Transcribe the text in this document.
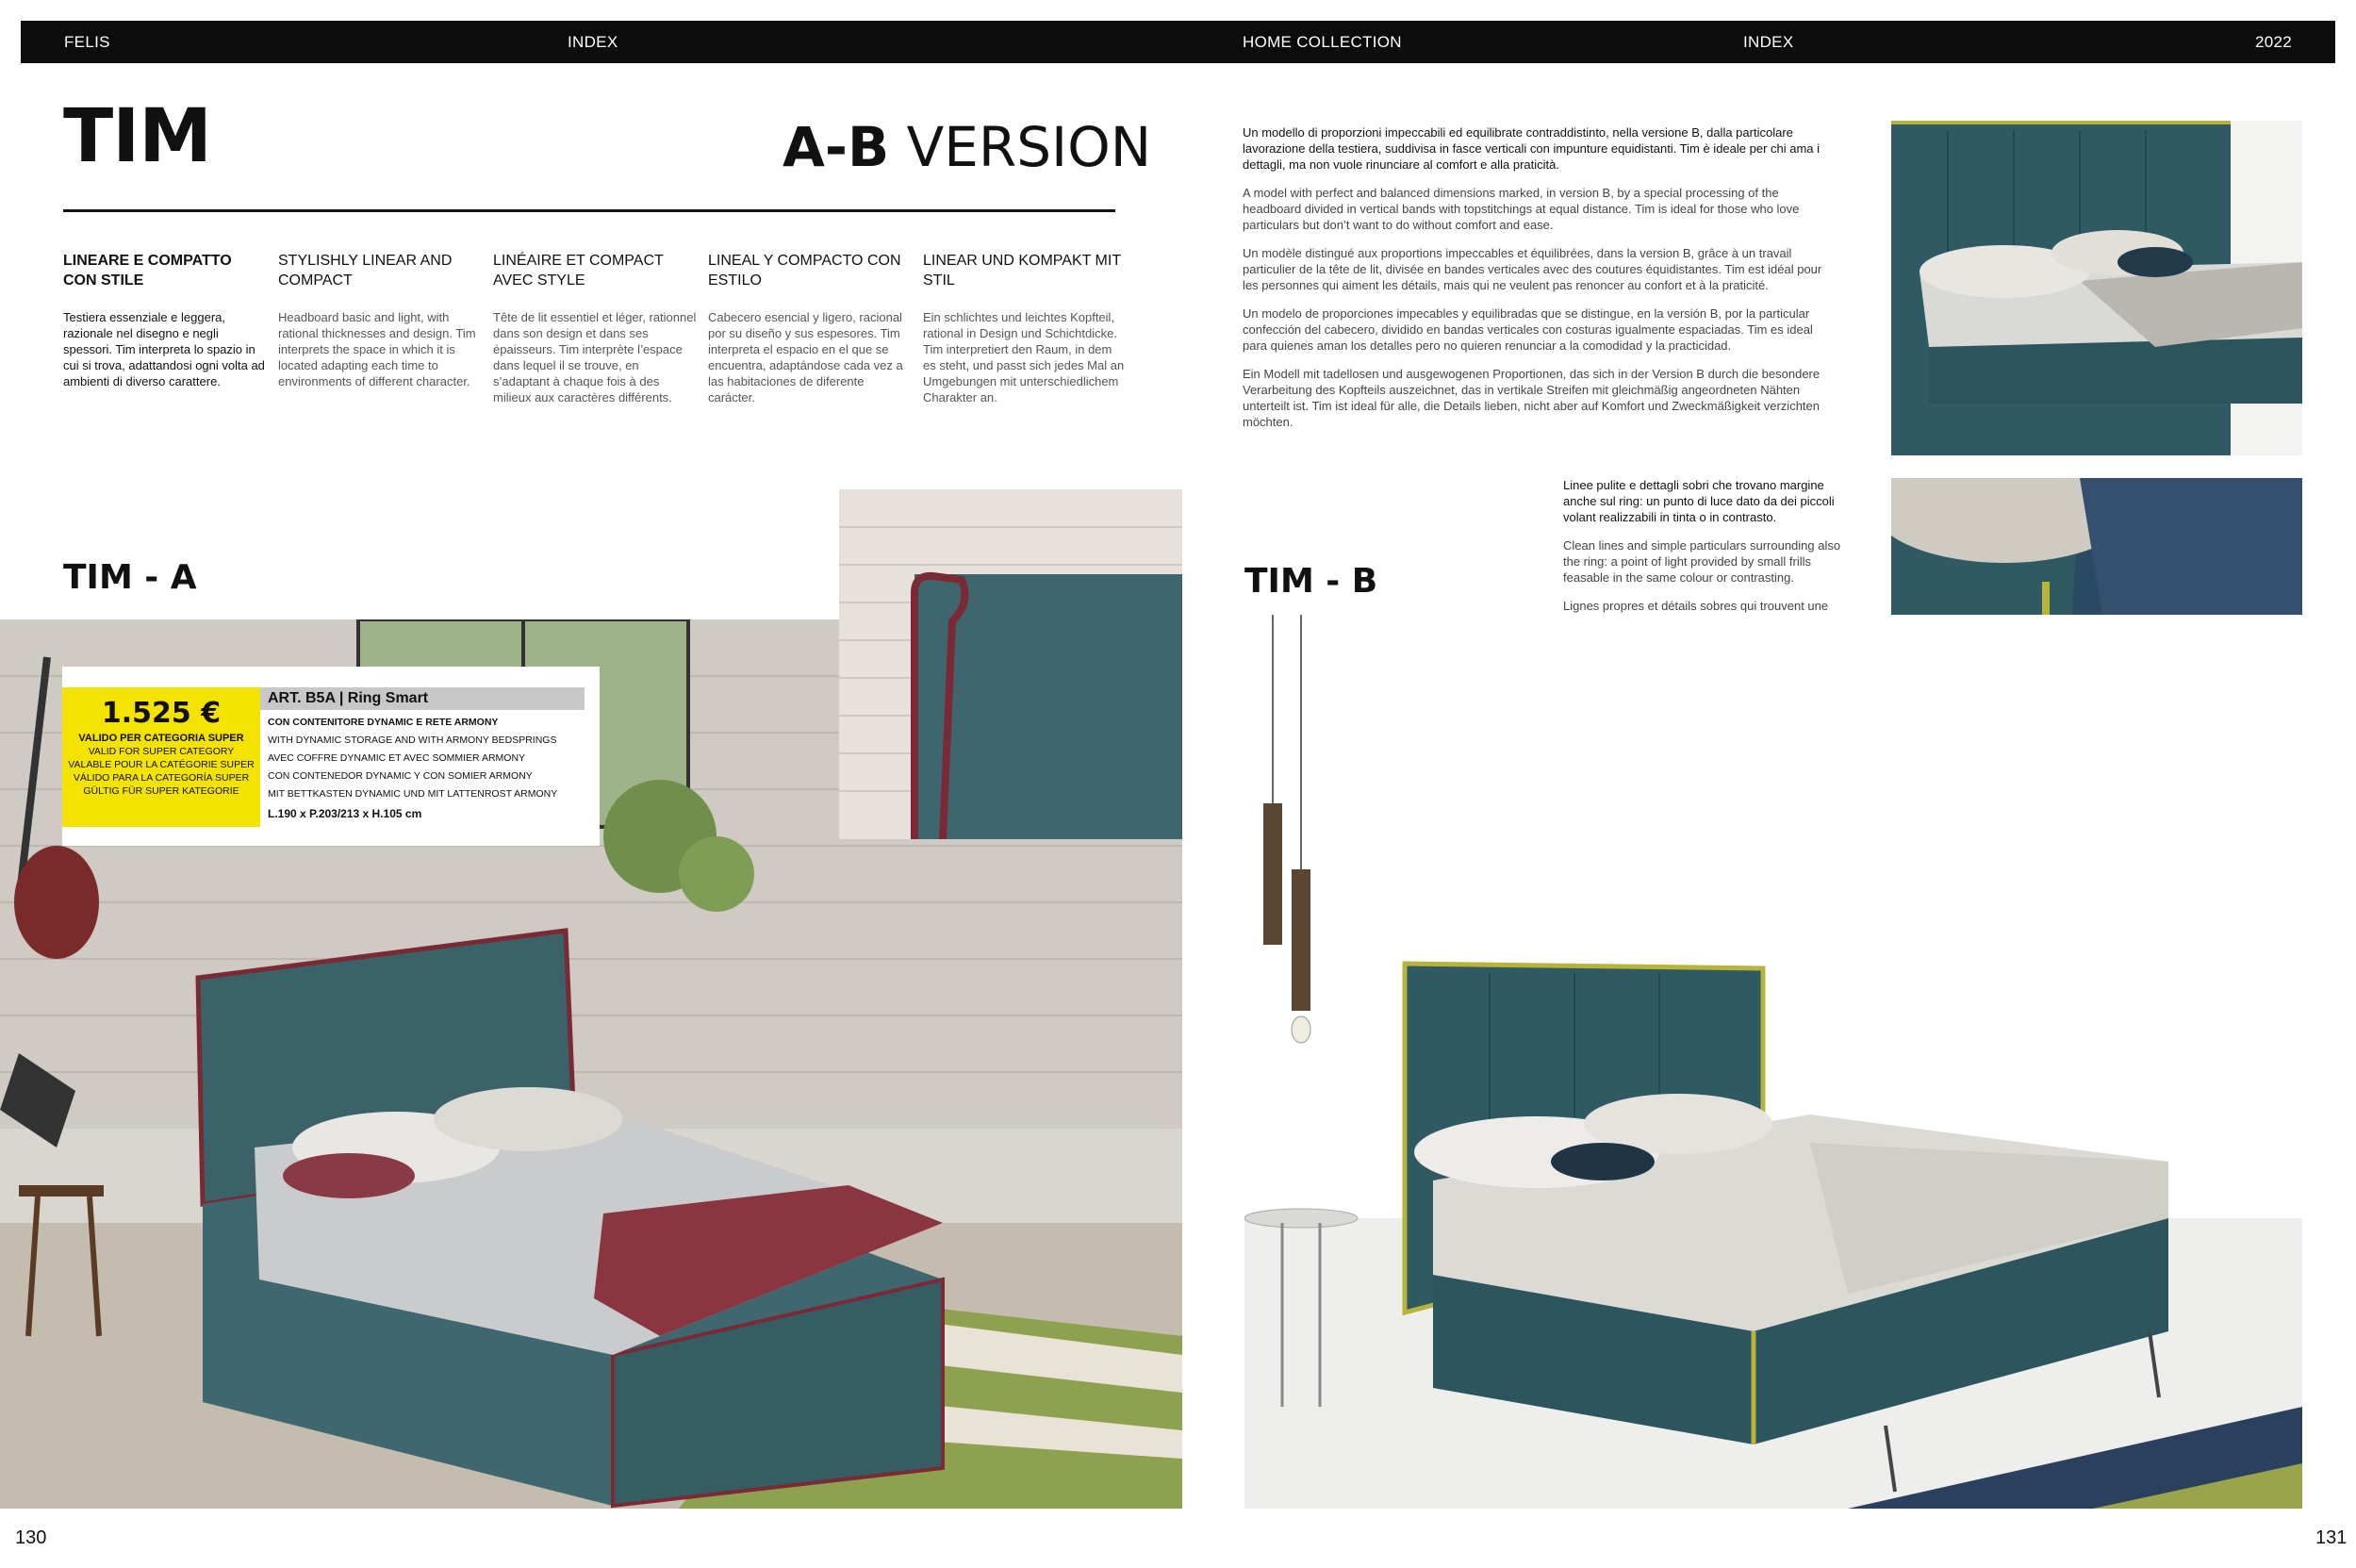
FELIS	INDEX	HOME COLLECTION	INDEX	2022
TIM	A-B VERSION
LINEARE E COMPATTO CON STILE

Testiera essenziale e leggera, razionale nel disegno e negli spessori. Tim interpreta lo spazio in cui si trova, adattandosi ogni volta ad ambienti di diverso carattere.

STYLISHLY LINEAR AND COMPACT

Headboard basic and light, with rational thicknesses and design. Tim interprets the space in which it is located adapting each time to environments of different character.

LINÉAIRE ET COMPACT AVEC STYLE

Tête de lit essentiel et léger, rationnel dans son design et dans ses épaisseurs. Tim interprète l’espace dans lequel il se trouve, en s’adaptant à chaque fois à des milieux aux caractères différents.

LINEAL Y COMPACTO CON ESTILO

Cabecero esencial y ligero, racional por su diseño y sus espesores. Tim interpreta el espacio en el que se encuentra, adaptándose cada vez a las habitaciones de diferente carácter.

LINEAR UND KOMPAKT MIT STIL

Ein schlichtes und leichtes Kopfteil, rational in Design und Schichtdicke. Tim interpretiert den Raum, in dem es steht, und passt sich jedes Mal an Umgebungen mit unterschiedlichem Charakter an.

1.525 €
VALIDO PER CATEGORIA SUPER
VALID FOR SUPER CATEGORY
VALABLE POUR LA CATÉGORIE SUPER
VÁLIDO PARA LA CATEGORÍA SUPER
GÜLTIG FÜR SUPER KATEGORIE
ART. B5A | Ring Smart
CON CONTENITORE DYNAMIC E RETE ARMONY
WITH DYNAMIC STORAGE AND WITH ARMONY BEDSPRINGS
AVEC COFFRE DYNAMIC ET AVEC SOMMIER ARMONY
CON CONTENEDOR DYNAMIC Y CON SOMIER ARMONY
MIT BETTKASTEN DYNAMIC UND MIT LATTENROST ARMONY
L.190 x P.203/213 x H.105 cm
TIM - A

Un modello di proporzioni impeccabili ed equilibrate contraddistinto, nella versione B, dalla particolare lavorazione della testiera, suddivisa in fasce verticali con impunture equidistanti. Tim è ideale per chi ama i dettagli, ma non vuole rinunciare al comfort e alla praticità.

A model with perfect and balanced dimensions marked, in version B, by a special processing of the headboard divided in vertical bands with topstitchings at equal distance. Tim is ideal for those who love particulars but don’t want to do without comfort and ease.

Un modèle distingué aux proportions impeccables et équilibrées, dans la version B, grâce à un travail particulier de la tête de lit, divisée en bandes verticales avec des coutures équidistantes. Tim est idéal pour les personnes qui aiment les détails, mais qui ne veulent pas renoncer au confort et à la praticité.

Un modelo de proporciones impecables y equilibradas que se distingue, en la versión B, por la particular confección del cabecero, dividido en bandas verticales con costuras igualmente espaciadas. Tim es ideal para quienes aman los detalles pero no quieren renunciar a la comodidad y la practicidad.

Ein Modell mit tadellosen und ausgewogenen Proportionen, das sich in der Version B durch die besondere Verarbeitung des Kopfteils auszeichnet, das in vertikale Streifen mit gleichmäßig angeordneten Nähten unterteilt ist. Tim ist ideal für alle, die Details lieben, nicht aber auf Komfort und Zweckmäßigkeit verzichten möchten.

Linee pulite e dettagli sobri che trovano margine anche sul ring: un punto di luce dato da dei piccoli volant realizzabili in tinta o in contrasto.

Clean lines and simple particulars surrounding also the ring: a point of light provided by small frills feasable in the same colour or contrasting.

Lignes propres et détails sobres qui trouvent une

TIM - B
130	131
